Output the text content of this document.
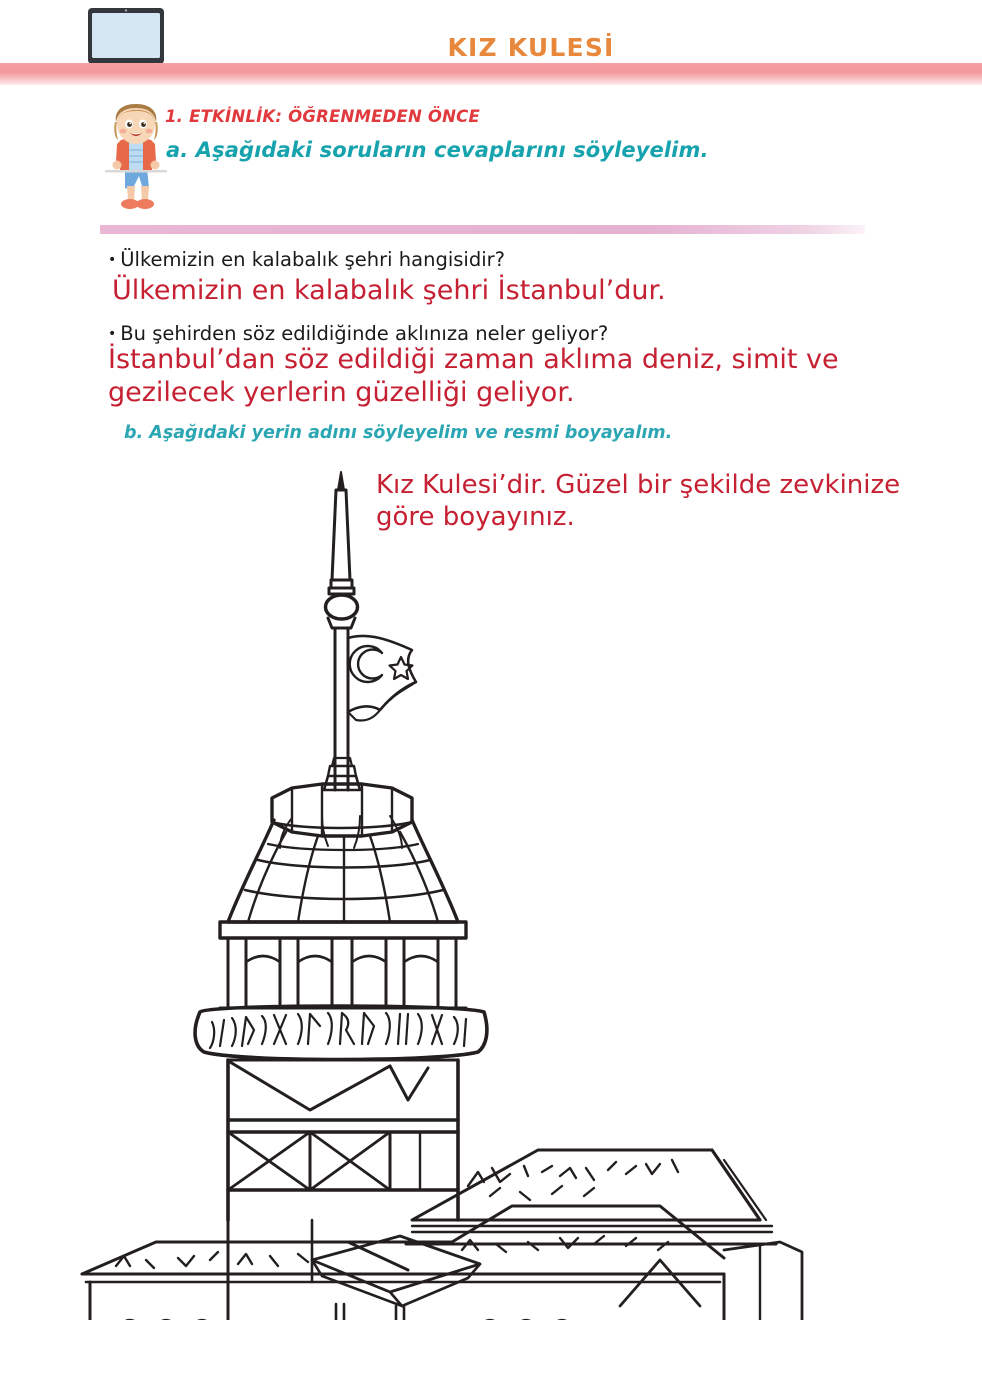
KIZ KULESİ
1. ETKİNLİK: ÖĞRENMEDEN ÖNCE
a. Aşağıdaki soruların cevaplarını söyleyelim.
• Ülkemizin en kalabalık şehri hangisidir?
Ülkemizin en kalabalık şehri İstanbul’dur.
• Bu şehirden söz edildiğinde aklınıza neler geliyor?
İstanbul’dan söz edildiği zaman aklıma deniz, simit ve gezilecek yerlerin güzelliği geliyor.
b. Aşağıdaki yerin adını söyleyelim ve resmi boyayalım.
Kız Kulesi’dir. Güzel bir şekilde zevkinize göre boyayınız.
